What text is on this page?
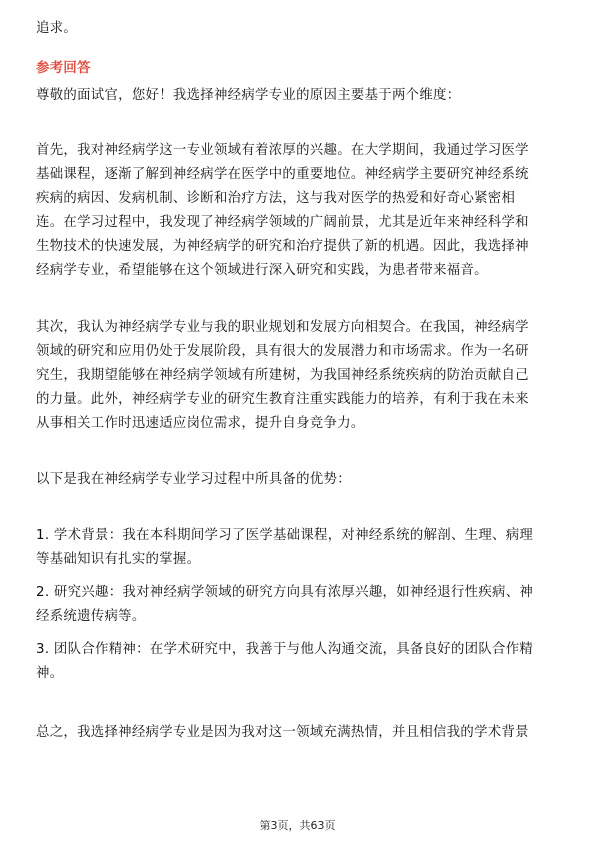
追求。
参考回答
尊敬的面试官，您好！我选择神经病学专业的原因主要基于两个维度：
首先，我对神经病学这一专业领域有着浓厚的兴趣。在大学期间，我通过学习医学
基础课程，逐渐了解到神经病学在医学中的重要地位。神经病学主要研究神经系统
疾病的病因、发病机制、诊断和治疗方法，这与我对医学的热爱和好奇心紧密相
连。在学习过程中，我发现了神经病学领域的广阔前景，尤其是近年来神经科学和
生物技术的快速发展，为神经病学的研究和治疗提供了新的机遇。因此，我选择神
经病学专业，希望能够在这个领域进行深入研究和实践，为患者带来福音。
其次，我认为神经病学专业与我的职业规划和发展方向相契合。在我国，神经病学
领域的研究和应用仍处于发展阶段，具有很大的发展潜力和市场需求。作为一名研
究生，我期望能够在神经病学领域有所建树，为我国神经系统疾病的防治贡献自己
的力量。此外，神经病学专业的研究生教育注重实践能力的培养，有利于我在未来
从事相关工作时迅速适应岗位需求，提升自身竞争力。
以下是我在神经病学专业学习过程中所具备的优势：
1. 学术背景：我在本科期间学习了医学基础课程，对神经系统的解剖、生理、病理
等基础知识有扎实的掌握。
2. 研究兴趣：我对神经病学领域的研究方向具有浓厚兴趣，如神经退行性疾病、神
经系统遗传病等。
3. 团队合作精神：在学术研究中，我善于与他人沟通交流，具备良好的团队合作精
神。
总之，我选择神经病学专业是因为我对这一领域充满热情，并且相信我的学术背景
第3页，共63页
